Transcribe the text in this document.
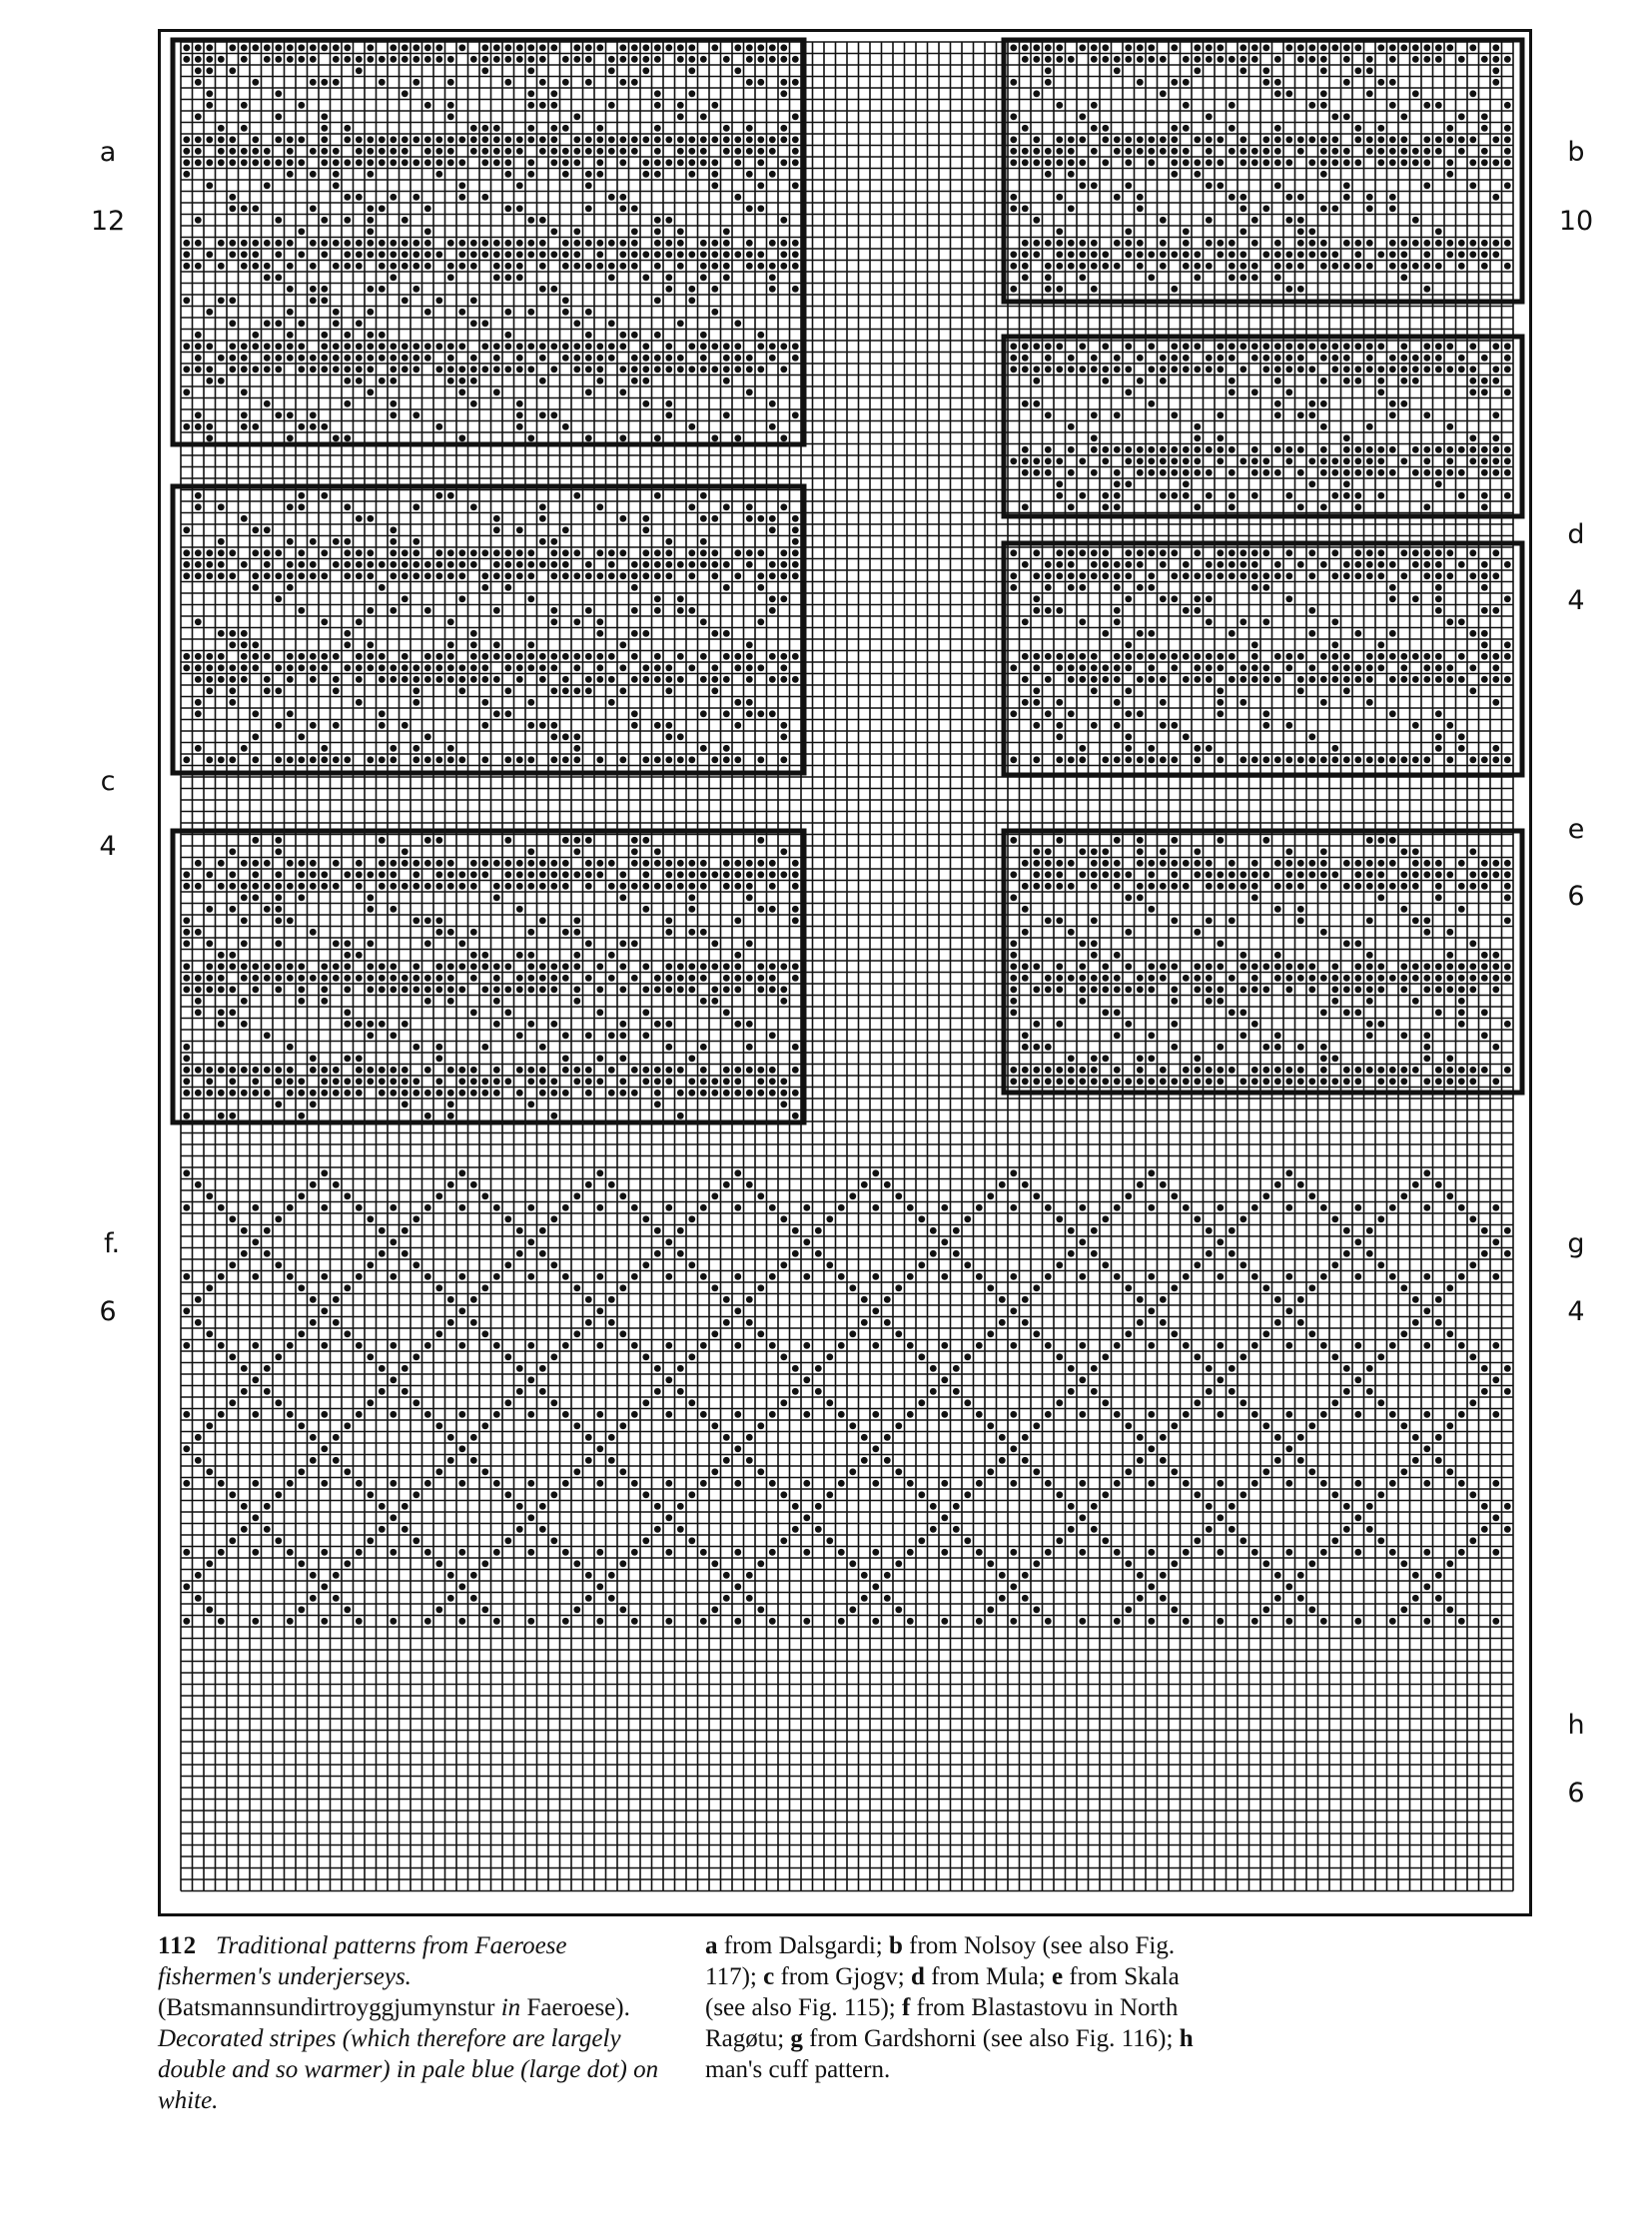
a
12
c
4
f.
6
b
10
d
4
e
6
g
4
h
6
112 Traditional patterns from Faeroese fishermen's underjerseys.
(Batsmannsundirtroyggjumynstur in Faeroese). Decorated stripes (which therefore are largely double and so warmer) in pale blue (large dot) on white.
a from Dalsgardi; b from Nolsoy (see also Fig. 117); c from Gjogv; d from Mula; e from Skala (see also Fig. 115); f from Blastastovu in North Ragøtu; g from Gardshorni (see also Fig. 116); h man's cuff pattern.
